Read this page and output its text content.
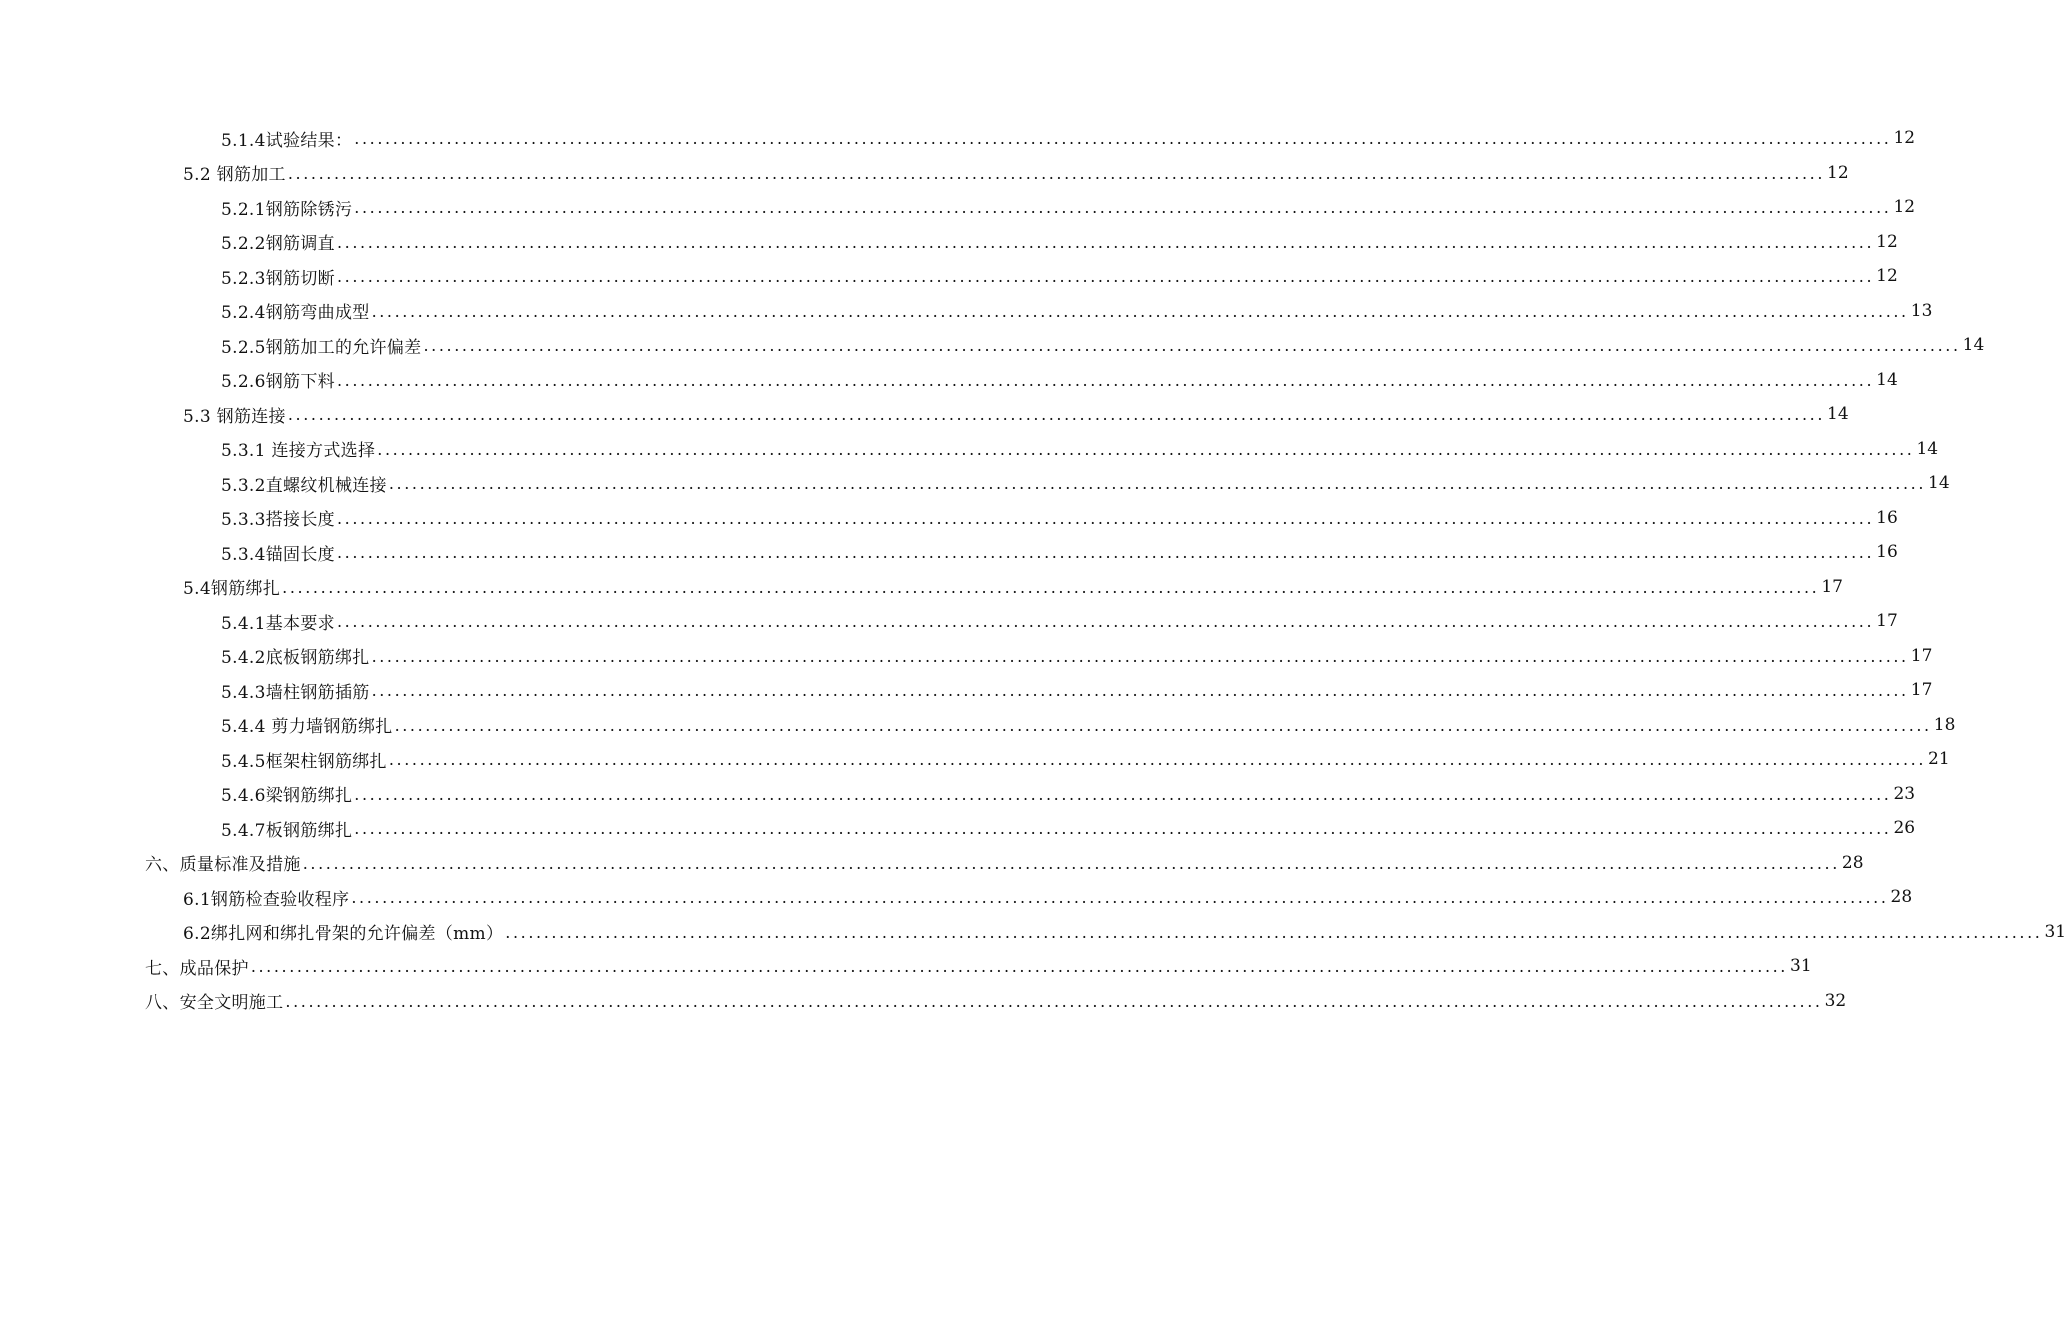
5.1.4试验结果： ........................................................................................................................................................................................................ 12
5.2 钢筋加工 ........................................................................................................................................................................................................ 12
5.2.1钢筋除锈污 ........................................................................................................................................................................................................ 12
5.2.2钢筋调直 ........................................................................................................................................................................................................ 12
5.2.3钢筋切断 ........................................................................................................................................................................................................ 12
5.2.4钢筋弯曲成型 ........................................................................................................................................................................................................ 13
5.2.5钢筋加工的允许偏差 ........................................................................................................................................................................................................ 14
5.2.6钢筋下料 ........................................................................................................................................................................................................ 14
5.3 钢筋连接 ........................................................................................................................................................................................................ 14
5.3.1 连接方式选择 ........................................................................................................................................................................................................ 14
5.3.2直螺纹机械连接 ........................................................................................................................................................................................................ 14
5.3.3搭接长度 ........................................................................................................................................................................................................ 16
5.3.4锚固长度 ........................................................................................................................................................................................................ 16
5.4钢筋绑扎 ........................................................................................................................................................................................................ 17
5.4.1基本要求 ........................................................................................................................................................................................................ 17
5.4.2底板钢筋绑扎 ........................................................................................................................................................................................................ 17
5.4.3墙柱钢筋插筋 ........................................................................................................................................................................................................ 17
5.4.4 剪力墙钢筋绑扎 ........................................................................................................................................................................................................ 18
5.4.5框架柱钢筋绑扎 ........................................................................................................................................................................................................ 21
5.4.6梁钢筋绑扎 ........................................................................................................................................................................................................ 23
5.4.7板钢筋绑扎 ........................................................................................................................................................................................................ 26
六、质量标准及措施 ........................................................................................................................................................................................................ 28
6.1钢筋检查验收程序 ........................................................................................................................................................................................................ 28
6.2绑扎网和绑扎骨架的允许偏差（mm） ........................................................................................................................................................................................................ 31
七、成品保护 ........................................................................................................................................................................................................ 31
八、安全文明施工 ........................................................................................................................................................................................................ 32
